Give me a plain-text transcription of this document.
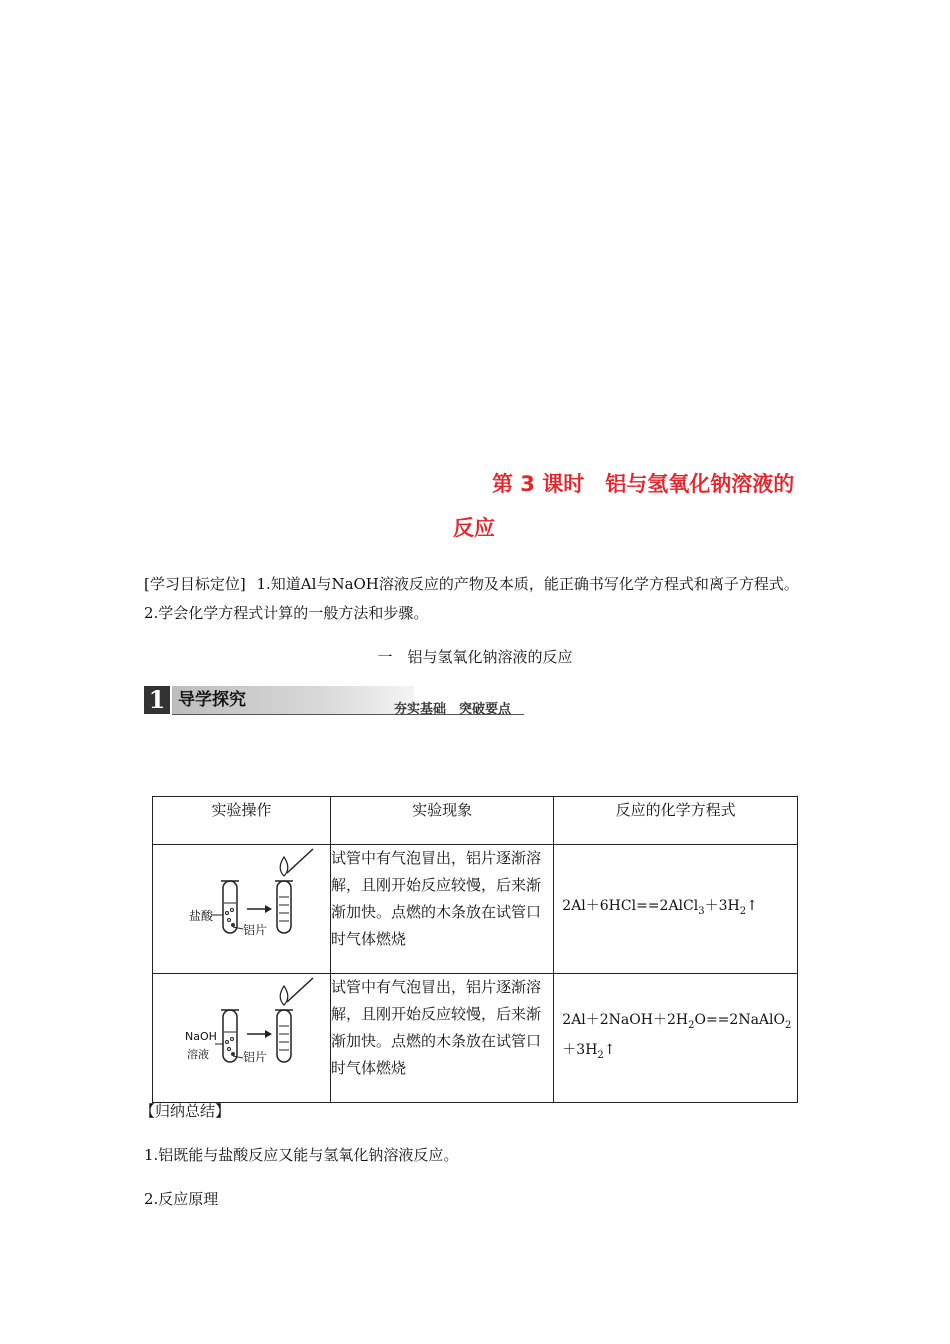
第 3 课时　铝与氢氧化钠溶液的
反应
[学习目标定位] 1.知道Al与NaOH溶液反应的产物及本质，能正确书写化学方程式和离子方程式。2.学会化学方程式计算的一般方法和步骤。
一　铝与氢氧化钠溶液的反应
1 导学探究	夯实基础　突破要点
实验操作	实验现象	反应的化学方程式

盐酸
铝片	试管中有气泡冒出，铝片逐渐溶解，且刚开始反应较慢，后来渐渐加快。点燃的木条放在试管口时气体燃烧	$2Al+6HCl==2AlCl_3+3H_2↑$

NaOH
溶液 铝片	试管中有气泡冒出，铝片逐渐溶解，且刚开始反应较慢，后来渐渐加快。点燃的木条放在试管口时气体燃烧	$2Al+2NaOH+2H_2O==2NaAlO_2$
$+3H_2↑$
【归纳总结】
1.铝既能与盐酸反应又能与氢氧化钠溶液反应。
2.反应原理
